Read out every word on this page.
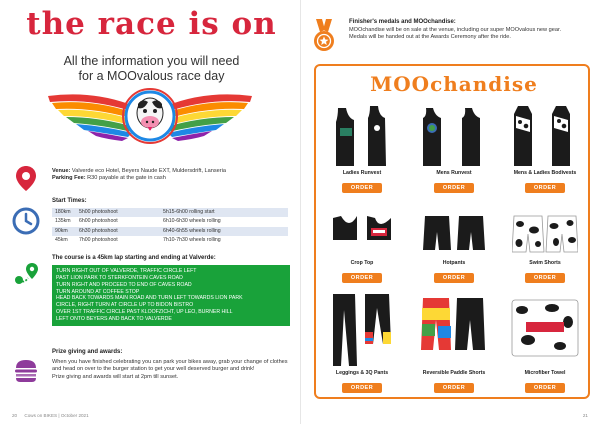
the race is on
All the information you will need
for a MOOvalous race day
Venue: Valverde eco Hotel, Beyers Naude EXT, Muldersdrift, Lanseria
Parking Fee: R30 payable at the gate in cash
Start Times:
180km	5h00 photoshoot	5h15-6h00 rolling start
135km	6h00 photoshoot	6h10-6h30 wheels rolling
90km	6h30 photoshoot	6h40-6h55 wheels rolling
45km	7h00 photoshoot	7h10-7h30 wheels rolling
The course is a 45km lap starting and ending at Valverde:
TURN RIGHT OUT OF VALVERDE, TRAFFIC CIRCLE LEFT
PAST LION PARK TO STERKFONTEIN CAVES ROAD
TURN RIGHT AND PROCEED TO END OF CAVES ROAD
TURN AROUND AT COFFEE STOP
HEAD BACK TOWARDS MAIN ROAD AND TURN LEFT TOWARDS LION PARK
CIRCLE, RIGHT TURN AT CIRCLE UP TO BIDON BISTRO
OVER 1ST TRAFFIC CIRCLE PAST KLOOFZICHT, UP LEO, BURNER HILL
LEFT ONTO BEYERS AND BACK TO VALVERDE
Prize giving and awards:
When you have finished celebrating you can park your bikes away, grab your change of clothes and head on over to the burger station to get your well deserved burger and drink!
Prize giving and awards will start at 2pm till sunset.
20 Cows on BIKES | October 2021
Finisher's medals and MOOchandise:
MOOchandise will be on sale at the venue, including our super MOOvalous new gear.
Medals will be handed out at the Awards Ceremony after the ride.
MOOchandise
Ladies Runvest
ORDER
Mens Runvest
ORDER
Mens & Ladies Bodivests
ORDER
Crop Top
ORDER
Hotpants
ORDER
Swim Shorts
ORDER
Leggings & 3Q Pants
ORDER
Reversible Paddle Shorts
ORDER
Microfiber Towel
ORDER
21
